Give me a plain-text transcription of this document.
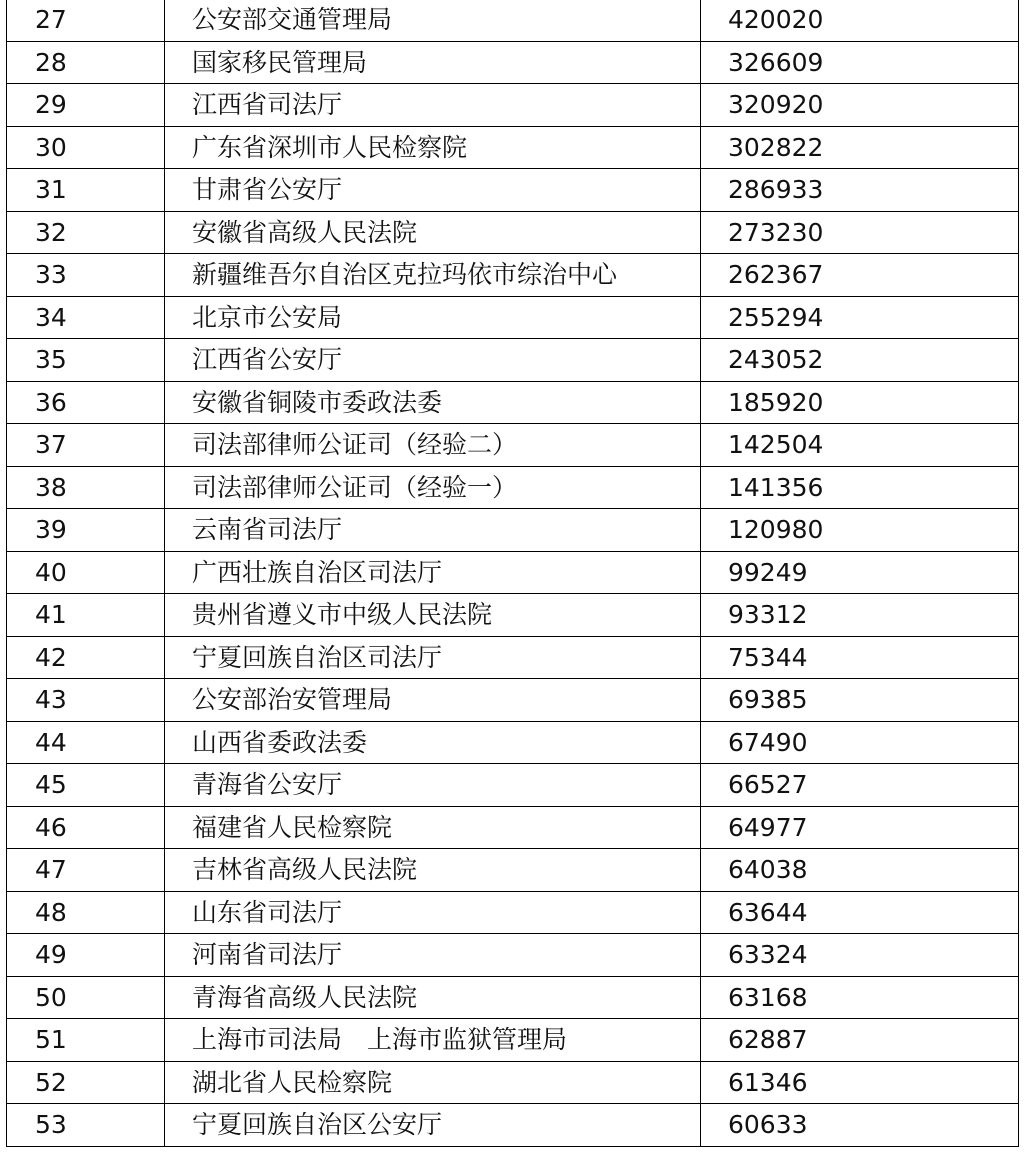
27	公安部交通管理局	420020
28	国家移民管理局	326609
29	江西省司法厅	320920
30	广东省深圳市人民检察院	302822
31	甘肃省公安厅	286933
32	安徽省高级人民法院	273230
33	新疆维吾尔自治区克拉玛依市综治中心	262367
34	北京市公安局	255294
35	江西省公安厅	243052
36	安徽省铜陵市委政法委	185920
37	司法部律师公证司（经验二）	142504
38	司法部律师公证司（经验一）	141356
39	云南省司法厅	120980
40	广西壮族自治区司法厅	99249
41	贵州省遵义市中级人民法院	93312
42	宁夏回族自治区司法厅	75344
43	公安部治安管理局	69385
44	山西省委政法委	67490
45	青海省公安厅	66527
46	福建省人民检察院	64977
47	吉林省高级人民法院	64038
48	山东省司法厅	63644
49	河南省司法厅	63324
50	青海省高级人民法院	63168
51	上海市司法局　上海市监狱管理局	62887
52	湖北省人民检察院	61346
53	宁夏回族自治区公安厅	60633
